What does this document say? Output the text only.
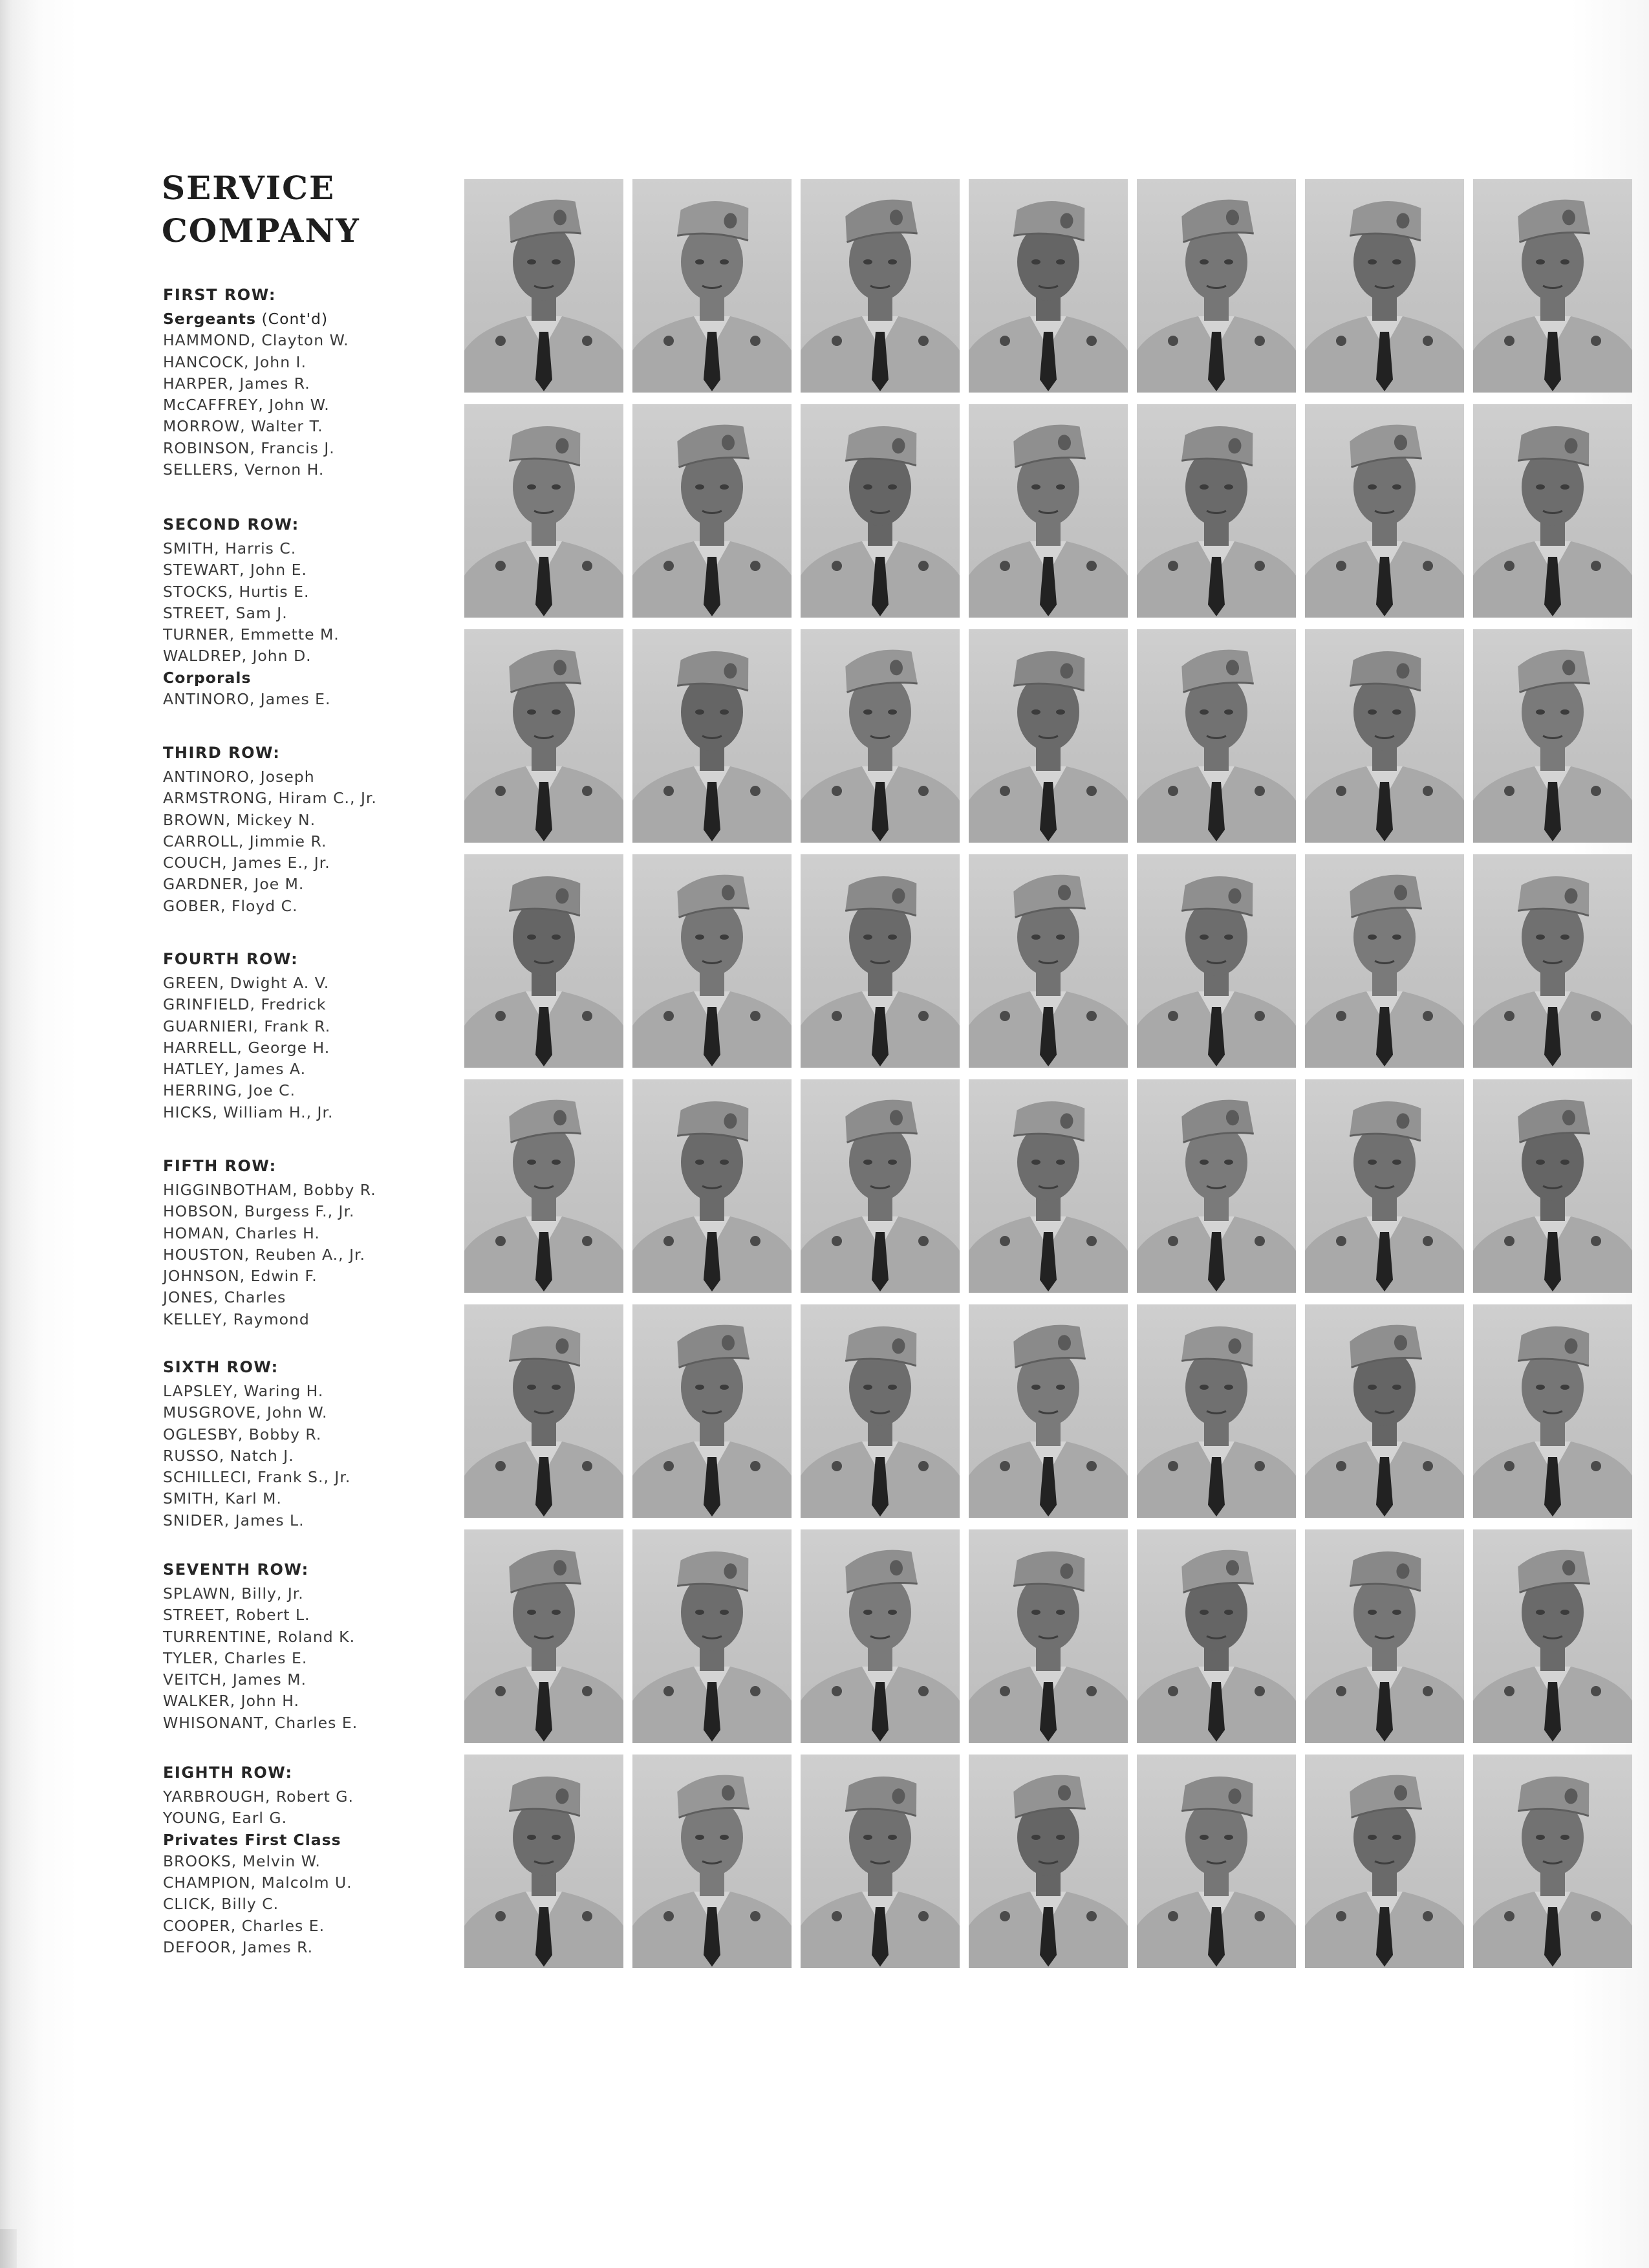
SERVICE
COMPANY
FIRST ROW:
Sergeants (Cont'd)
HAMMOND, Clayton W.
HANCOCK, John I.
HARPER, James R.
McCAFFREY, John W.
MORROW, Walter T.
ROBINSON, Francis J.
SELLERS, Vernon H.
SECOND ROW:
SMITH, Harris C.
STEWART, John E.
STOCKS, Hurtis E.
STREET, Sam J.
TURNER, Emmette M.
WALDREP, John D.
Corporals
ANTINORO, James E.
THIRD ROW:
ANTINORO, Joseph
ARMSTRONG, Hiram C., Jr.
BROWN, Mickey N.
CARROLL, Jimmie R.
COUCH, James E., Jr.
GARDNER, Joe M.
GOBER, Floyd C.
FOURTH ROW:
GREEN, Dwight A. V.
GRINFIELD, Fredrick
GUARNIERI, Frank R.
HARRELL, George H.
HATLEY, James A.
HERRING, Joe C.
HICKS, William H., Jr.
FIFTH ROW:
HIGGINBOTHAM, Bobby R.
HOBSON, Burgess F., Jr.
HOMAN, Charles H.
HOUSTON, Reuben A., Jr.
JOHNSON, Edwin F.
JONES, Charles
KELLEY, Raymond
SIXTH ROW:
LAPSLEY, Waring H.
MUSGROVE, John W.
OGLESBY, Bobby R.
RUSSO, Natch J.
SCHILLECI, Frank S., Jr.
SMITH, Karl M.
SNIDER, James L.
SEVENTH ROW:
SPLAWN, Billy, Jr.
STREET, Robert L.
TURRENTINE, Roland K.
TYLER, Charles E.
VEITCH, James M.
WALKER, John H.
WHISONANT, Charles E.
EIGHTH ROW:
YARBROUGH, Robert G.
YOUNG, Earl G.
Privates First Class
BROOKS, Melvin W.
CHAMPION, Malcolm U.
CLICK, Billy C.
COOPER, Charles E.
DEFOOR, James R.
